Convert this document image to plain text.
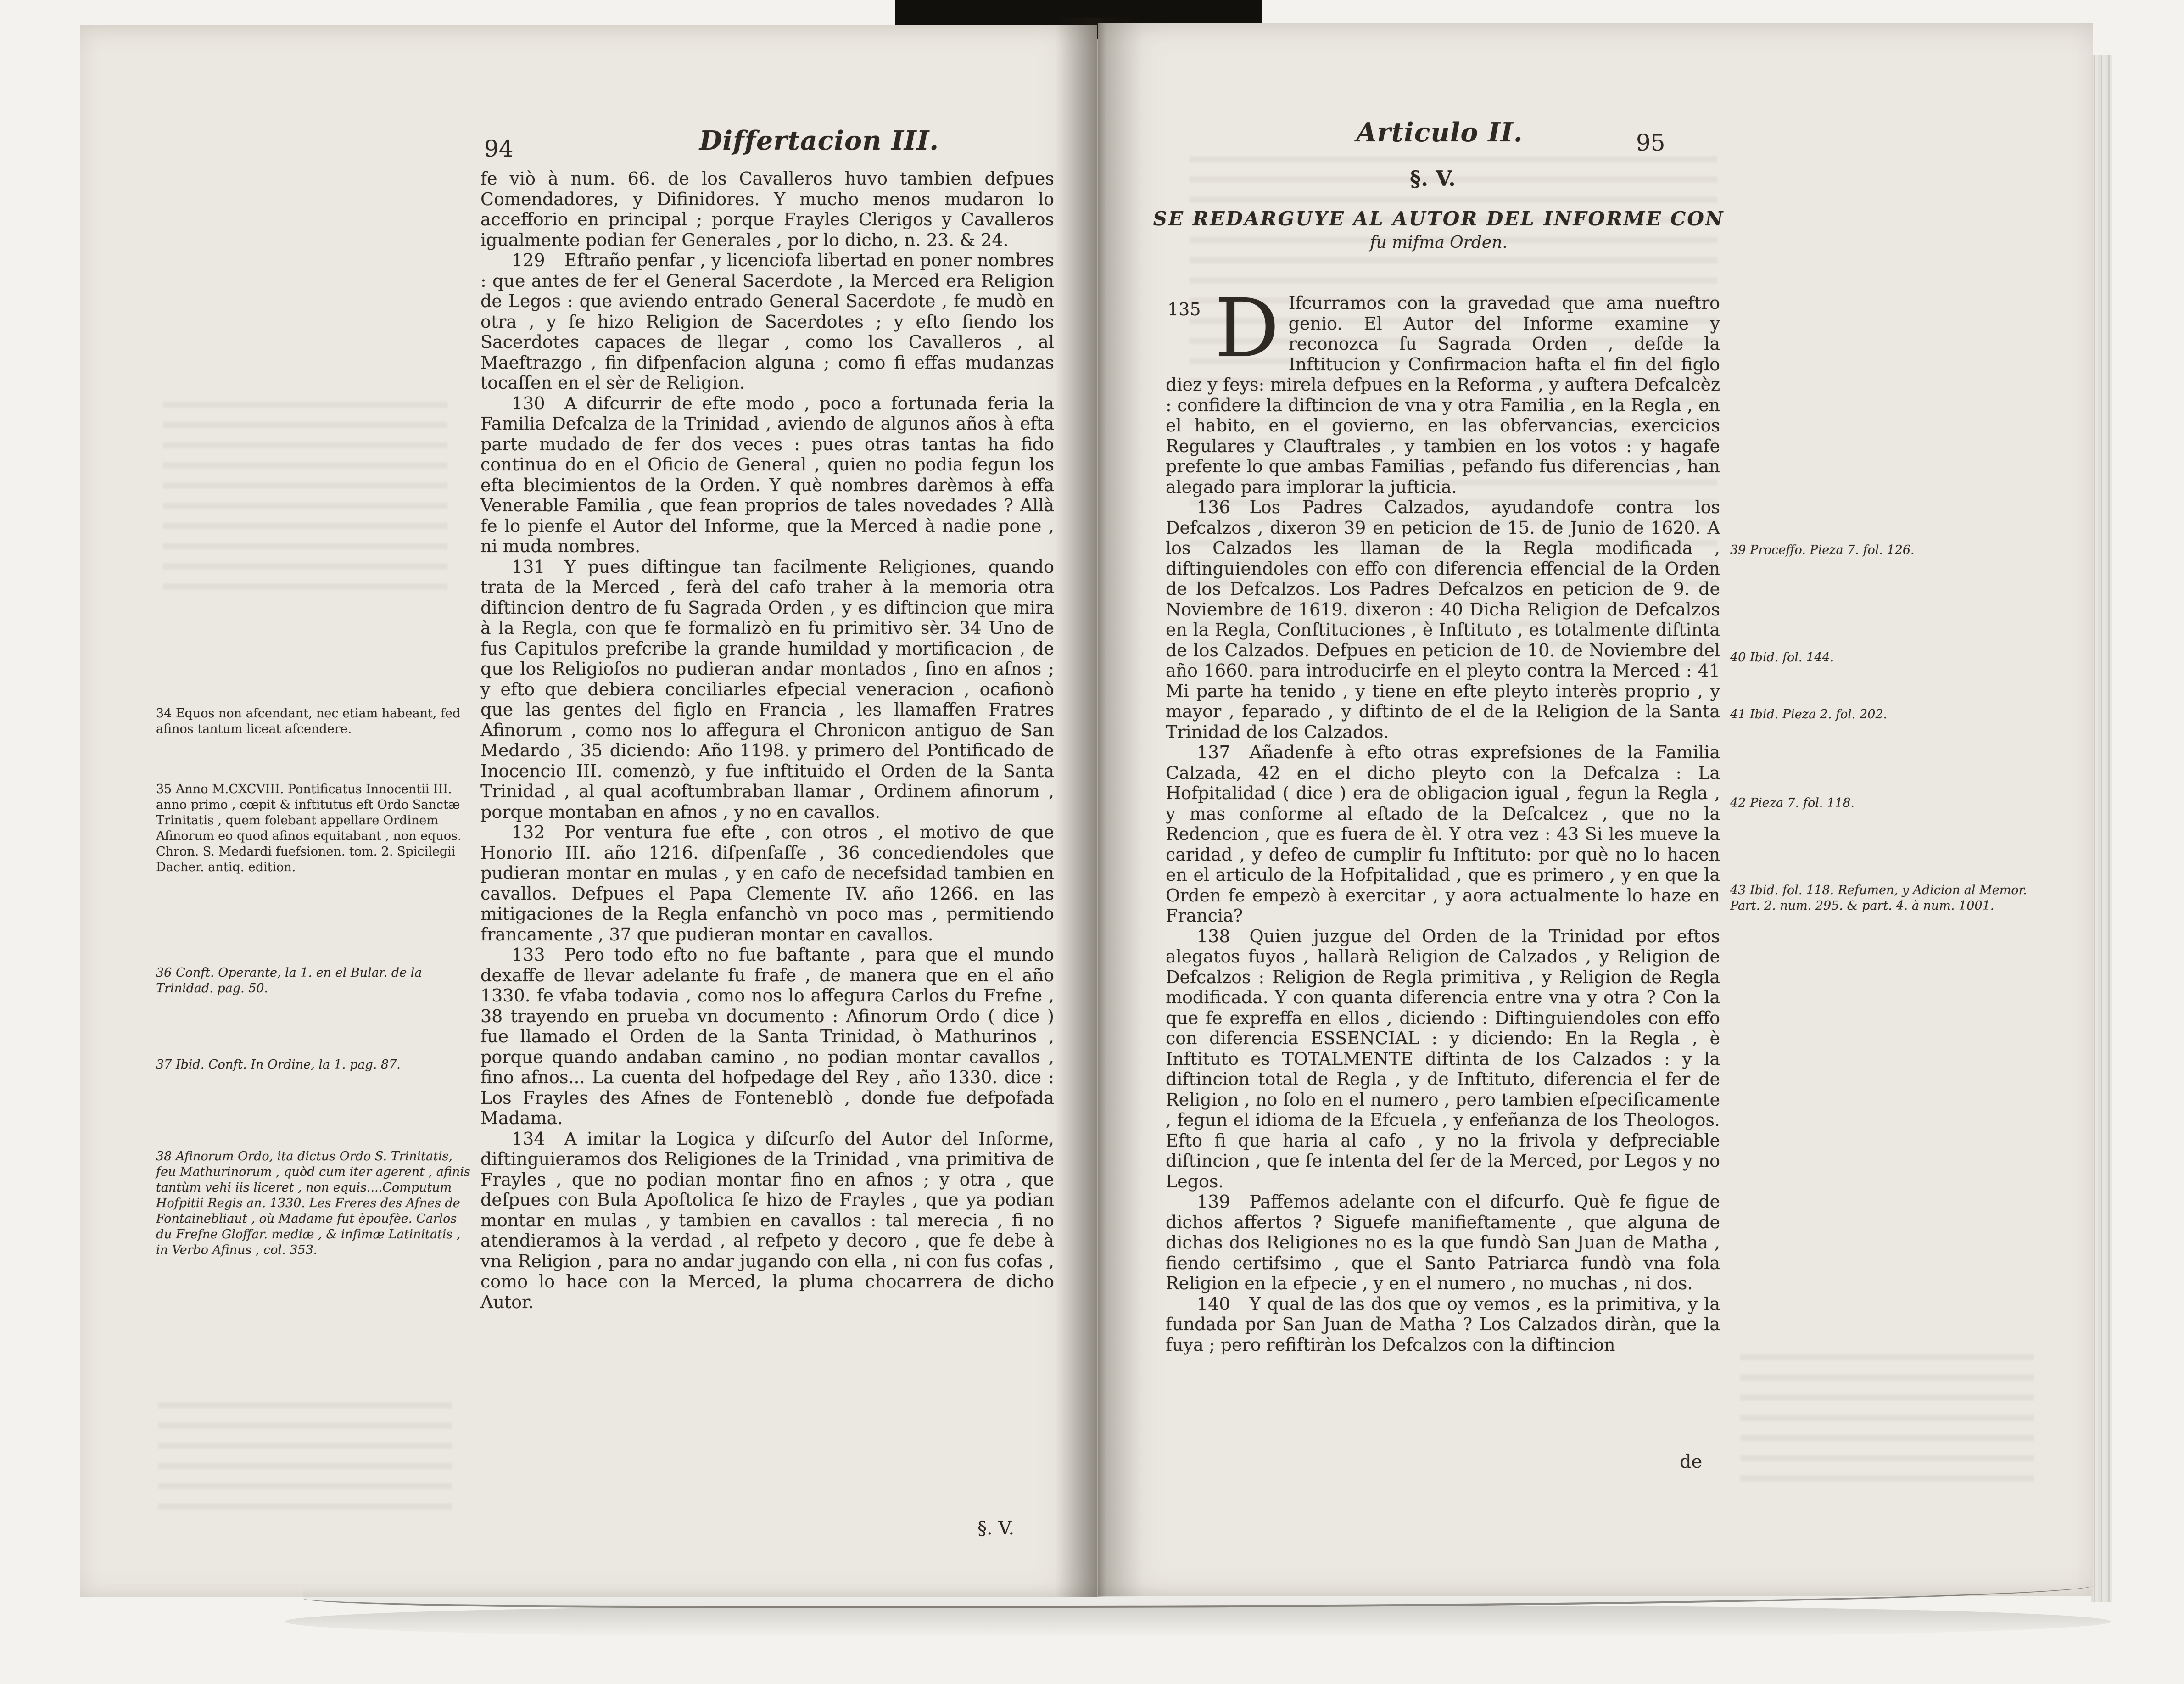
94	Differtacion III.
34 Equos non afcendant, nec etiam habeant, fed afinos tantum liceat afcendere.
35 Anno M.CXCVIII. Pontificatus Innocentii III. anno primo , cœpit & inftitutus eft Ordo Sanctæ Trinitatis , quem folebant appellare Ordinem Afinorum eo quod afinos equitabant , non equos. Chron. S. Medardi fuefsionen. tom. 2. Spicilegii Dacher. antiq. edition.
36 Conft. Operante, la 1. en el Bular. de la Trinidad. pag. 50.
37 Ibid. Conft. In Ordine, la 1. pag. 87.
38 Afinorum Ordo, ita dictus Ordo S. Trinitatis, feu Mathurinorum , quòd cum iter agerent , afinis tantùm vehi iis liceret , non equis....Computum Hofpitii Regis an. 1330. Les Freres des Afnes de Fontainebliaut , où Madame fut èpoufèe. Carlos du Frefne Gloffar. mediæ , & infimæ Latinitatis , in Verbo Afinus , col. 353.

fe viò à num. 66. de los Cavalleros huvo tambien defpues Comendadores, y Difinidores. Y mucho menos mudaron lo accefforio en principal ; porque Frayles Clerigos y Cavalleros igualmente podian fer Generales , por lo dicho, n. 23. & 24.

129 Eftraño penfar , y licenciofa libertad en poner nombres : que antes de fer el General Sacerdote , la Merced era Religion de Legos : que aviendo entrado General Sacerdote , fe mudò en otra , y fe hizo Religion de Sacerdotes ; y efto fiendo los Sacerdotes capaces de llegar , como los Cavalleros , al Maeftrazgo , fin difpenfacion alguna ; como fi effas mudanzas tocaffen en el sèr de Religion.

130 A difcurrir de efte modo , poco a fortunada feria la Familia Defcalza de la Trinidad , aviendo de algunos años à efta parte mudado de fer dos veces : pues otras tantas ha fido continua do en el Oficio de General , quien no podia fegun los efta blecimientos de la Orden. Y què nombres darèmos à effa Venerable Familia , que fean proprios de tales novedades ? Allà fe lo pienfe el Autor del Informe, que la Merced à nadie pone , ni muda nombres.

131 Y pues diftingue tan facilmente Religiones, quando trata de la Merced , ferà del cafo traher à la memoria otra diftincion dentro de fu Sagrada Orden , y es diftincion que mira à la Regla, con que fe formalizò en fu primitivo sèr. 34 Uno de fus Capitulos prefcribe la grande humildad y mortificacion , de que los Religiofos no pudieran andar montados , fino en afnos ; y efto que debiera conciliarles efpecial veneracion , ocafionò que las gentes del figlo en Francia , les llamaffen Fratres Afinorum , como nos lo affegura el Chronicon antiguo de San Medardo , 35 diciendo: Año 1198. y primero del Pontificado de Inocencio III. comenzò, y fue inftituido el Orden de la Santa Trinidad , al qual acoftumbraban llamar , Ordinem afinorum , porque montaban en afnos , y no en cavallos.

132 Por ventura fue efte , con otros , el motivo de que Honorio III. año 1216. difpenfaffe , 36 concediendoles que pudieran montar en mulas , y en cafo de necefsidad tambien en cavallos. Defpues el Papa Clemente IV. año 1266. en las mitigaciones de la Regla enfanchò vn poco mas , permitiendo francamente , 37 que pudieran montar en cavallos.

133 Pero todo efto no fue baftante , para que el mundo dexaffe de llevar adelante fu frafe , de manera que en el año 1330. fe vfaba todavia , como nos lo affegura Carlos du Frefne , 38 trayendo en prueba vn documento : Afinorum Ordo ( dice ) fue llamado el Orden de la Santa Trinidad, ò Mathurinos , porque quando andaban camino , no podian montar cavallos , fino afnos... La cuenta del hofpedage del Rey , año 1330. dice : Los Frayles des Afnes de Fonteneblò , donde fue defpofada Madama.

134 A imitar la Logica y difcurfo del Autor del Informe, diftinguieramos dos Religiones de la Trinidad , vna primitiva de Frayles , que no podian montar fino en afnos ; y otra , que defpues con Bula Apoftolica fe hizo de Frayles , que ya podian montar en mulas , y tambien en cavallos : tal merecia , fi no atendieramos à la verdad , al refpeto y decoro , que fe debe à vna Religion , para no andar jugando con ella , ni con fus cofas , como lo hace con la Merced, la pluma chocarrera de dicho Autor.

§. V.
Articulo II.	95
§. V.
SE REDARGUYE AL AUTOR DEL INFORME CON
fu mifma Orden.
39 Proceffo. Pieza 7. fol. 126.
40 Ibid. fol. 144.
41 Ibid. Pieza 2. fol. 202.
42 Pieza 7. fol. 118.
43 Ibid. fol. 118. Refumen, y Adicion al Memor. Part. 2. num. 295. & part. 4. à num. 1001.

135 D Ifcurramos con la gravedad que ama nueftro genio. El Autor del Informe examine y reconozca fu Sagrada Orden , defde la Inftitucion y Confirmacion hafta el fin del figlo diez y feys: mirela defpues en la Reforma , y auftera Defcalcèz : confidere la diftincion de vna y otra Familia , en la Regla , en el habito, en el govierno, en las obfervancias, exercicios Regulares y Clauftrales , y tambien en los votos : y hagafe prefente lo que ambas Familias , pefando fus diferencias , han alegado para implorar la jufticia.

136 Los Padres Calzados, ayudandofe contra los Defcalzos , dixeron 39 en peticion de 15. de Junio de 1620. A los Calzados les llaman de la Regla modificada , diftinguiendoles con effo con diferencia effencial de la Orden de los Defcalzos. Los Padres Defcalzos en peticion de 9. de Noviembre de 1619. dixeron : 40 Dicha Religion de Defcalzos en la Regla, Conftituciones , è Inftituto , es totalmente diftinta de los Calzados. Defpues en peticion de 10. de Noviembre del año 1660. para introducirfe en el pleyto contra la Merced : 41 Mi parte ha tenido , y tiene en efte pleyto interès proprio , y mayor , feparado , y diftinto de el de la Religion de la Santa Trinidad de los Calzados.

137 Añadenfe à efto otras exprefsiones de la Familia Calzada, 42 en el dicho pleyto con la Defcalza : La Hofpitalidad ( dice ) era de obligacion igual , fegun la Regla , y mas conforme al eftado de la Defcalcez , que no la Redencion , que es fuera de èl. Y otra vez : 43 Si les mueve la caridad , y defeo de cumplir fu Inftituto: por què no lo hacen en el articulo de la Hofpitalidad , que es primero , y en que la Orden fe empezò à exercitar , y aora actualmente lo haze en Francia?

138 Quien juzgue del Orden de la Trinidad por eftos alegatos fuyos , hallarà Religion de Calzados , y Religion de Defcalzos : Religion de Regla primitiva , y Religion de Regla modificada. Y con quanta diferencia entre vna y otra ? Con la que fe expreffa en ellos , diciendo : Diftinguiendoles con effo con diferencia ESSENCIAL : y diciendo: En la Regla , è Inftituto es TOTALMENTE diftinta de los Calzados : y la diftincion total de Regla , y de Inftituto, diferencia el fer de Religion , no folo en el numero , pero tambien efpecificamente , fegun el idioma de la Efcuela , y enfeñanza de los Theologos. Efto fi que haria al cafo , y no la frivola y defpreciable diftincion , que fe intenta del fer de la Merced, por Legos y no Legos.

139 Paffemos adelante con el difcurfo. Què fe figue de dichos affertos ? Siguefe manifieftamente , que alguna de dichas dos Religiones no es la que fundò San Juan de Matha , fiendo certifsimo , que el Santo Patriarca fundò vna fola Religion en la efpecie , y en el numero , no muchas , ni dos.

140 Y qual de las dos que oy vemos , es la primitiva, y la fundada por San Juan de Matha ? Los Calzados diràn, que la fuya ; pero refiftiràn los Defcalzos con la diftincion

de
